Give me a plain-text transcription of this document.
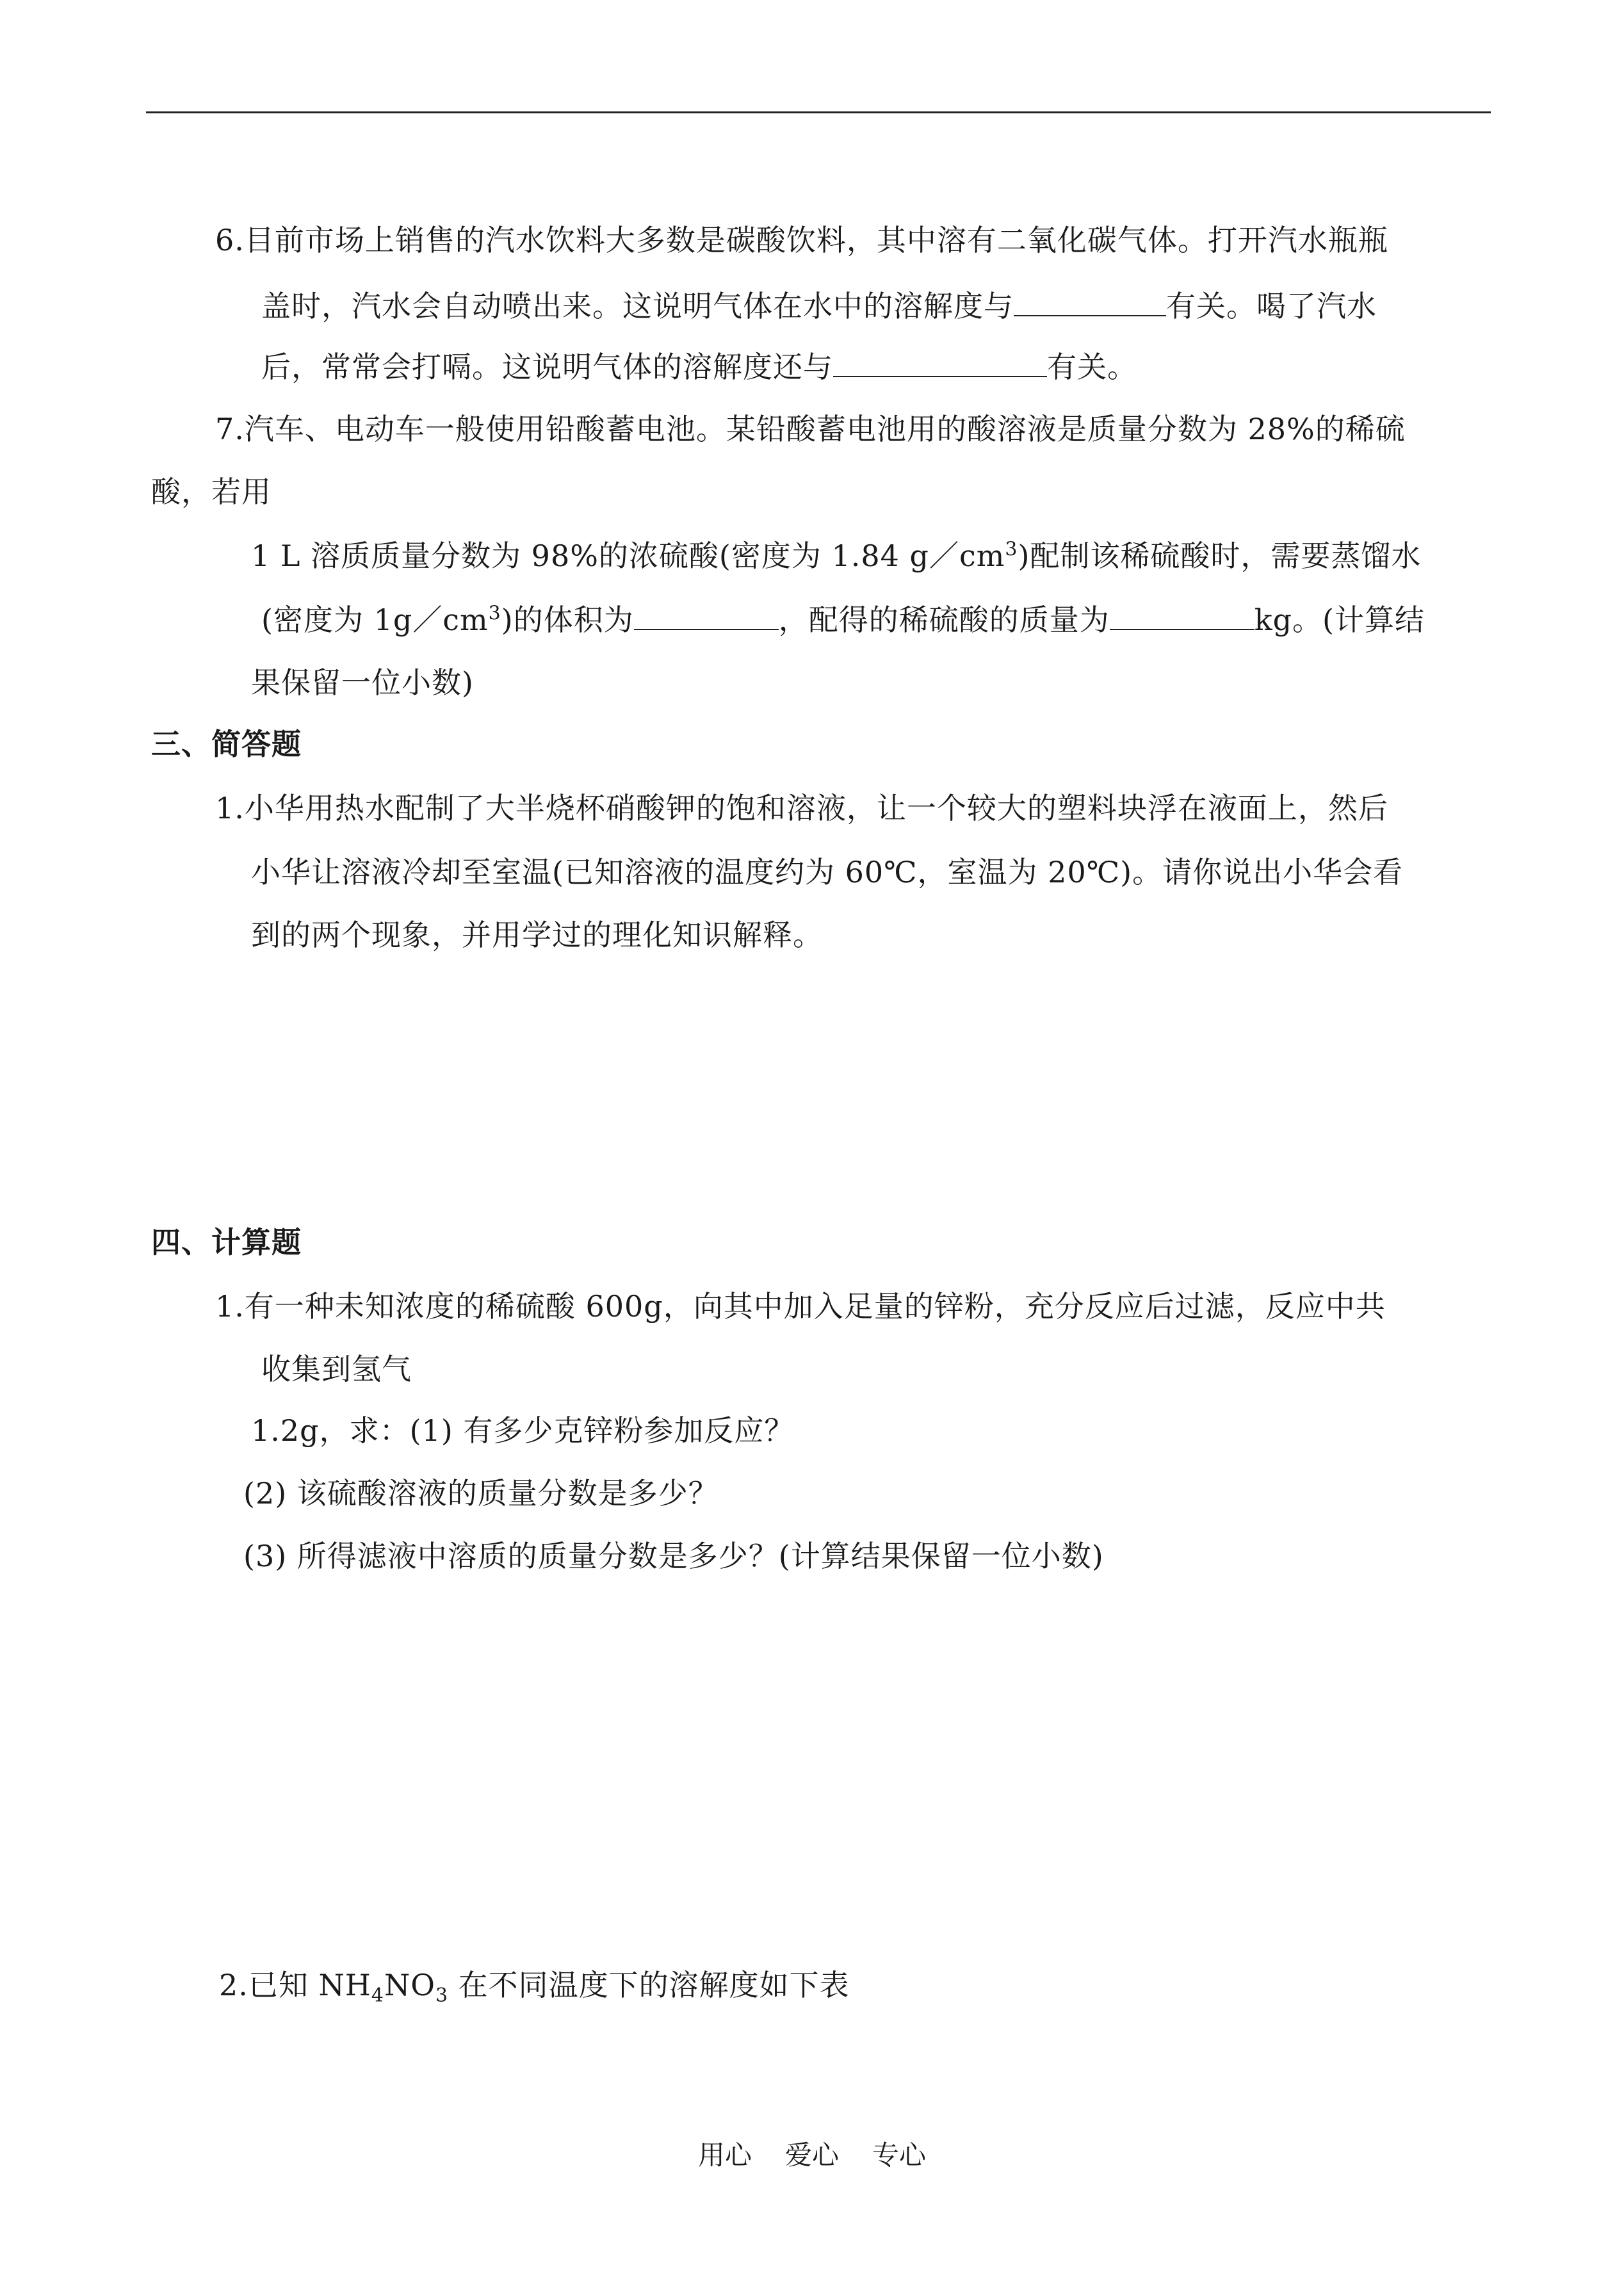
6.目前市场上销售的汽水饮料大多数是碳酸饮料，其中溶有二氧化碳气体。打开汽水瓶瓶
盖时，汽水会自动喷出来。这说明气体在水中的溶解度与	有关。喝了汽水
后，常常会打嗝。这说明气体的溶解度还与	有关。
7.汽车、电动车一般使用铅酸蓄电池。某铅酸蓄电池用的酸溶液是质量分数为 28%的稀硫
酸，若用
1 L 溶质质量分数为 98%的浓硫酸(密度为 1.84 $g/cm^3$)配制该稀硫酸时，需要蒸馏水
(密度为 $1g/cm^3$)的体积为	，配得的稀硫酸的质量为	kg。(计算结
果保留一位小数)
三、简答题
1.小华用热水配制了大半烧杯硝酸钾的饱和溶液，让一个较大的塑料块浮在液面上，然后
小华让溶液冷却至室温(已知溶液的温度约为 60℃，室温为 20℃)。请你说出小华会看
到的两个现象，并用学过的理化知识解释。
四、计算题
1.有一种未知浓度的稀硫酸 600g，向其中加入足量的锌粉，充分反应后过滤，反应中共
收集到氢气
1.2g，求：(1) 有多少克锌粉参加反应？
(2) 该硫酸溶液的质量分数是多少？
(3) 所得滤液中溶质的质量分数是多少？(计算结果保留一位小数)
2.已知 $NH_4NO_3$ 在不同温度下的溶解度如下表
用心 爱心 专心
